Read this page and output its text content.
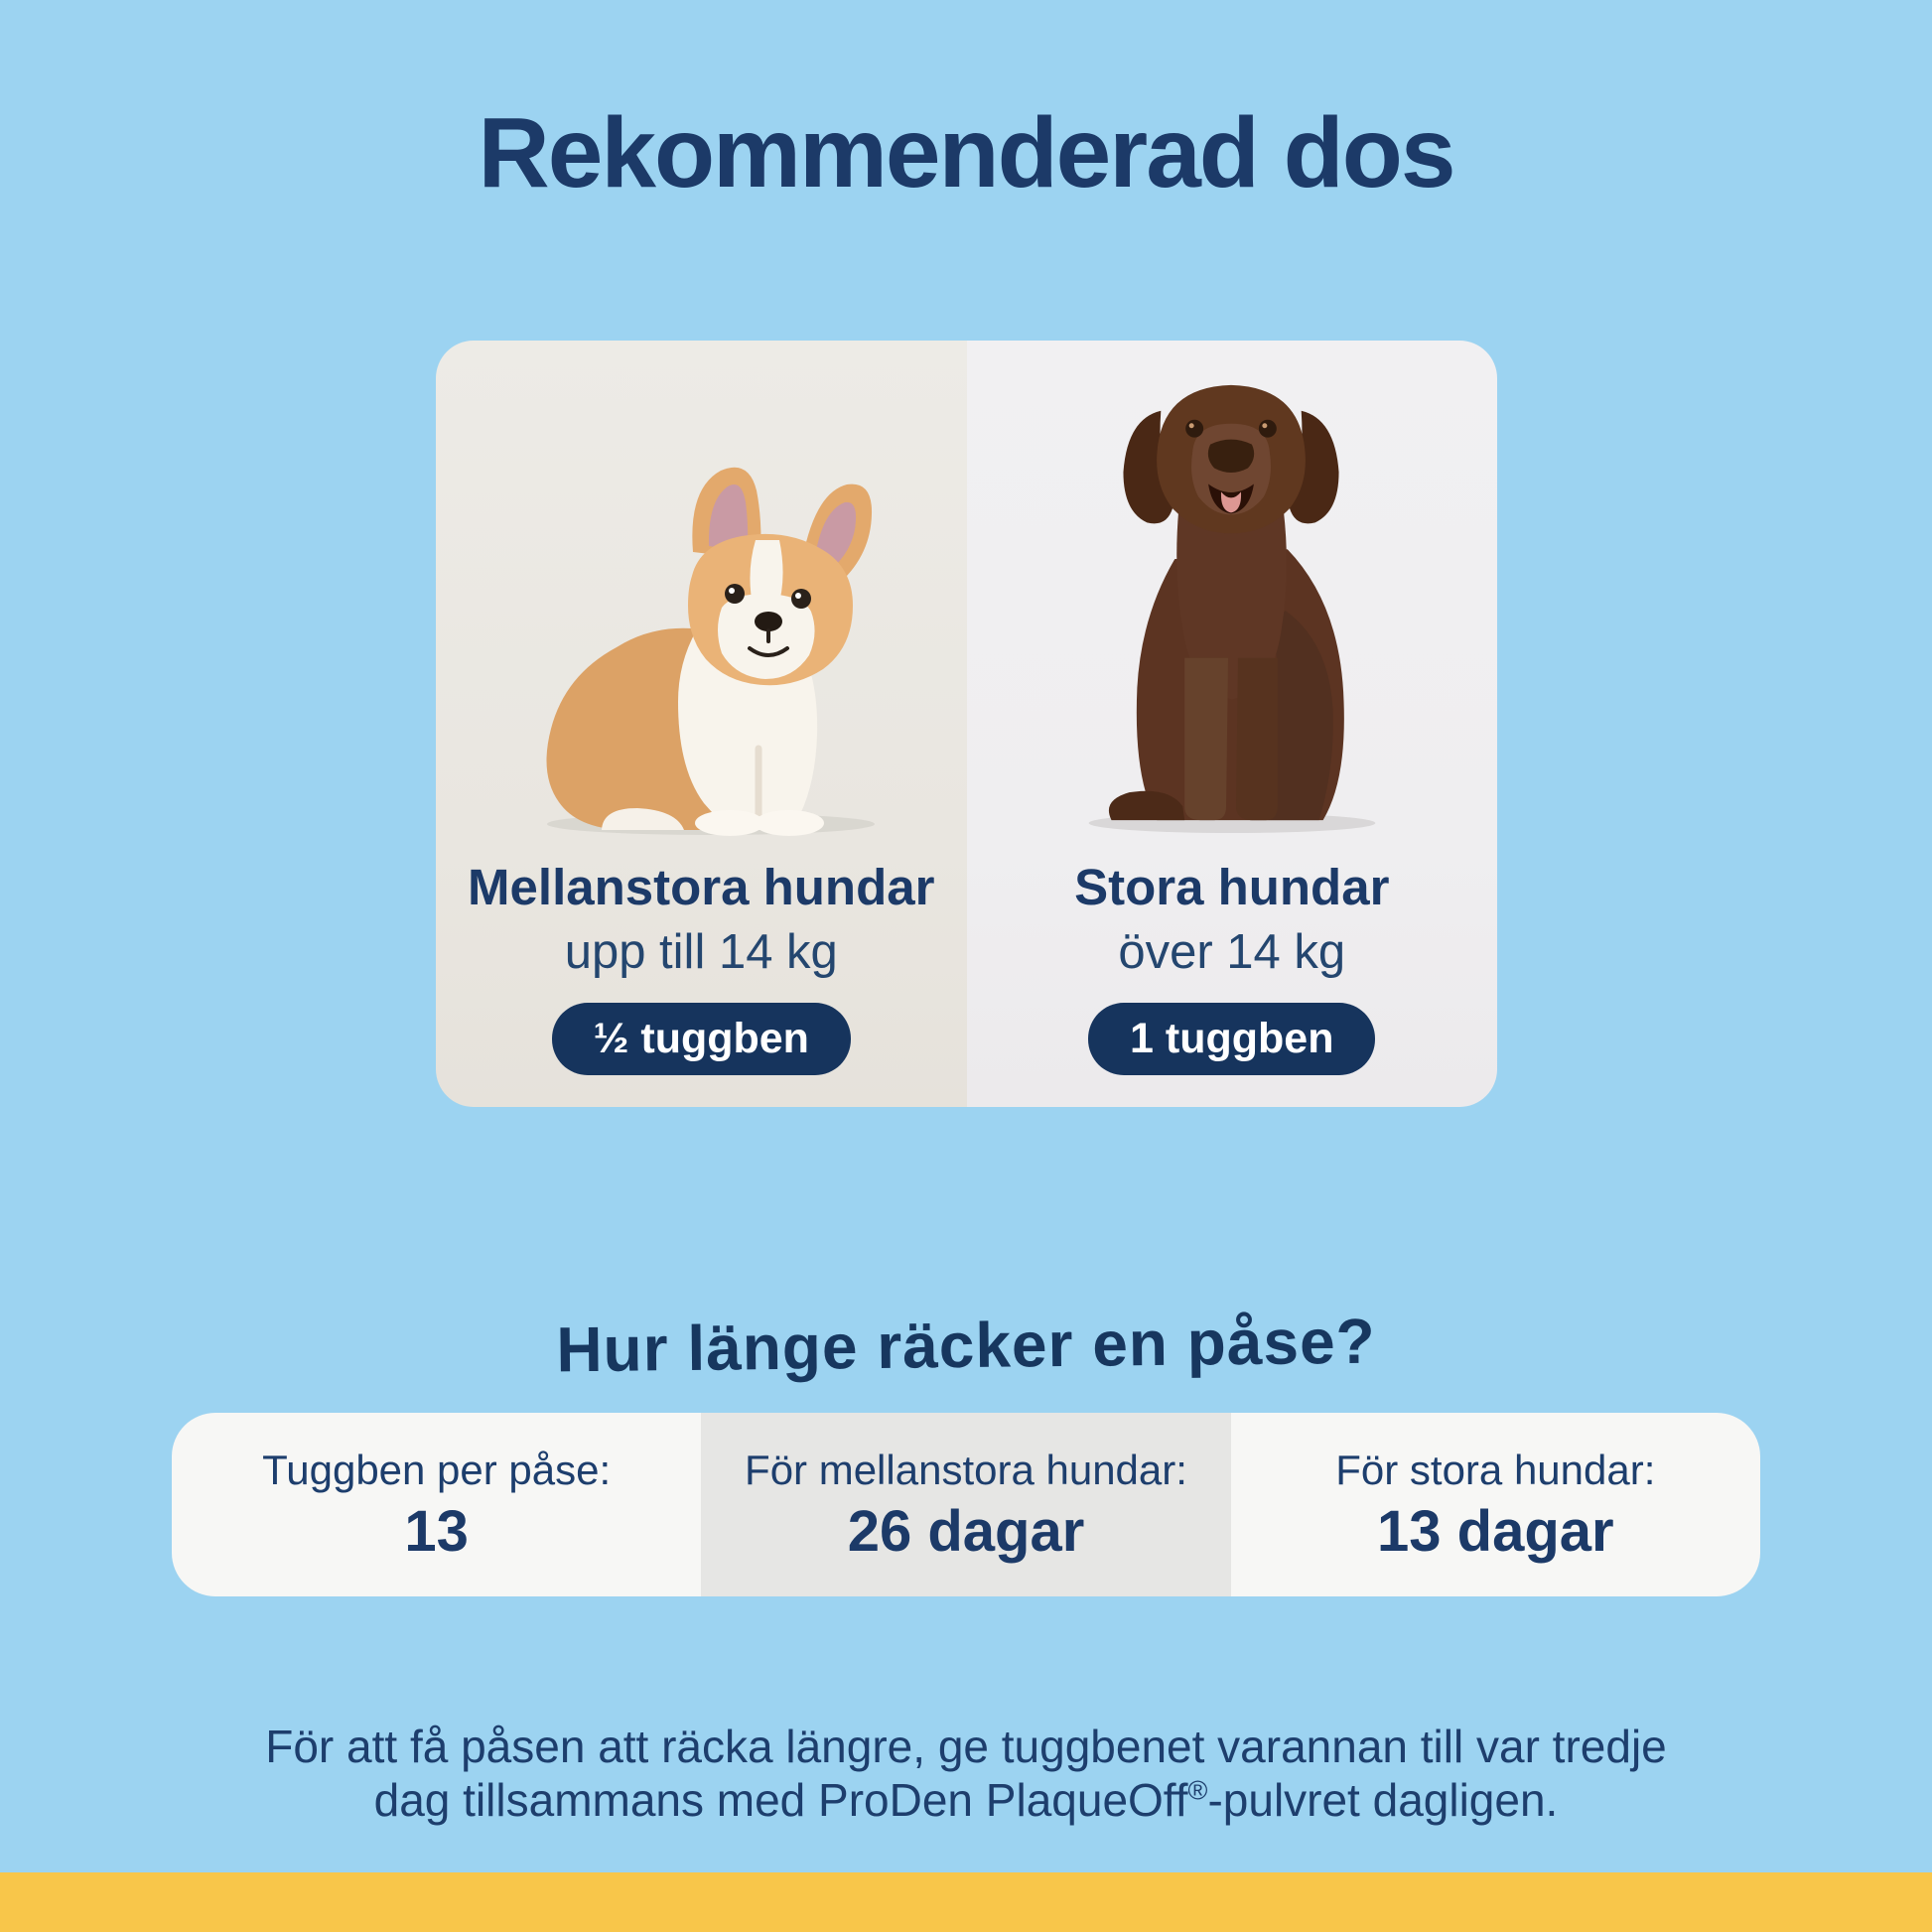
Rekommenderad dos
Mellanstora hundar
upp till 14 kg
½ tuggben
Stora hundar
över 14 kg
1 tuggben
Hur länge räcker en påse?
Tuggben per påse:
13
För mellanstora hundar:
26 dagar
För stora hundar:
13 dagar

För att få påsen att räcka längre, ge tuggbenet varannan till var tredje
dag tillsammans med ProDen PlaqueOff®-pulvret dagligen.
